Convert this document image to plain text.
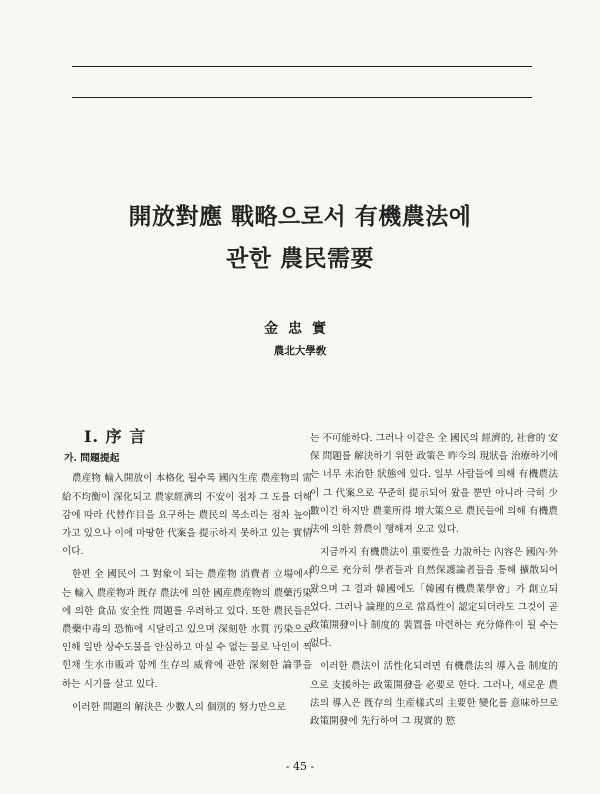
開放對應 戰略으로서 有機農法에
관한 農民需要
金忠實
農北大學敎
Ⅰ. 序 言
가. 問題提起

農産物 輸入開放이 本格化 될수록 國內生産 農産物의 需給不均衡이 深化되고 農家經濟의 不安이 점차 그 도를 더해감에 따라 代替作目을 요구하는 農民의 목소리는 점차 높아가고 있으나 이에 마땅한 代案을 提示하지 못하고 있는 實情이다.

한편 全 國民이 그 對象이 되는 農産物 消費者 立場에서는 輸入 農産物과 旣存 農法에 의한 國産農産物의 農藥汚染에 의한 食品 安全性 問題를 우려하고 있다. 또한 農民들은 農藥中毒의 恐怖에 시달리고 있으며 深刻한 水質 汚染으로 인해 일반 상수도물을 안심하고 마실 수 없는 물로 낙인이 찍힌채 生水市販과 함께 生存의 威脅에 관한 深刻한 論爭을 하는 시기를 살고 있다.

이러한 問題의 解決은 少數人의 個別的 努力만으로

는 不可能하다. 그러나 이같은 全 國民의 經濟的, 社會的 安保 問題를 解決하기 위한 政策은 昨今의 現狀을 治療하기에는 너무 未治한 狀態에 있다. 일부 사람들에 의해 有機農法이 그 代案으로 꾸준히 提示되어 왔을 뿐만 아니라 극히 少數이긴 하지만 農業所得 增大策으로 農民들에 의해 有機農法에 의한 營農이 행해져 오고 있다.

지금까지 有機農法이 重要性을 力說하는 內容은 國內·外的으로 充分히 學者들과 自然保護論者들을 통해 擴散되어 왔으며 그 결과 韓國에도「韓國有機農業學會」가 創立되었다. 그러나 論理的으로 當爲性이 認定되더라도 그것이 곧 政策開發이나 制度的 裝置를 마련하는 充分條件이 될 수는 없다.

이러한 農法이 活性化되려면 有機農法의 導入을 制度的으로 支援하는 政策開發을 必要로 한다. 그러나, 새로운 農法의 導入은 旣存의 生産樣式의 主要한 變化를 意味하므로 政策開發에 先行하여 그 現實的 慾

- 45 -
